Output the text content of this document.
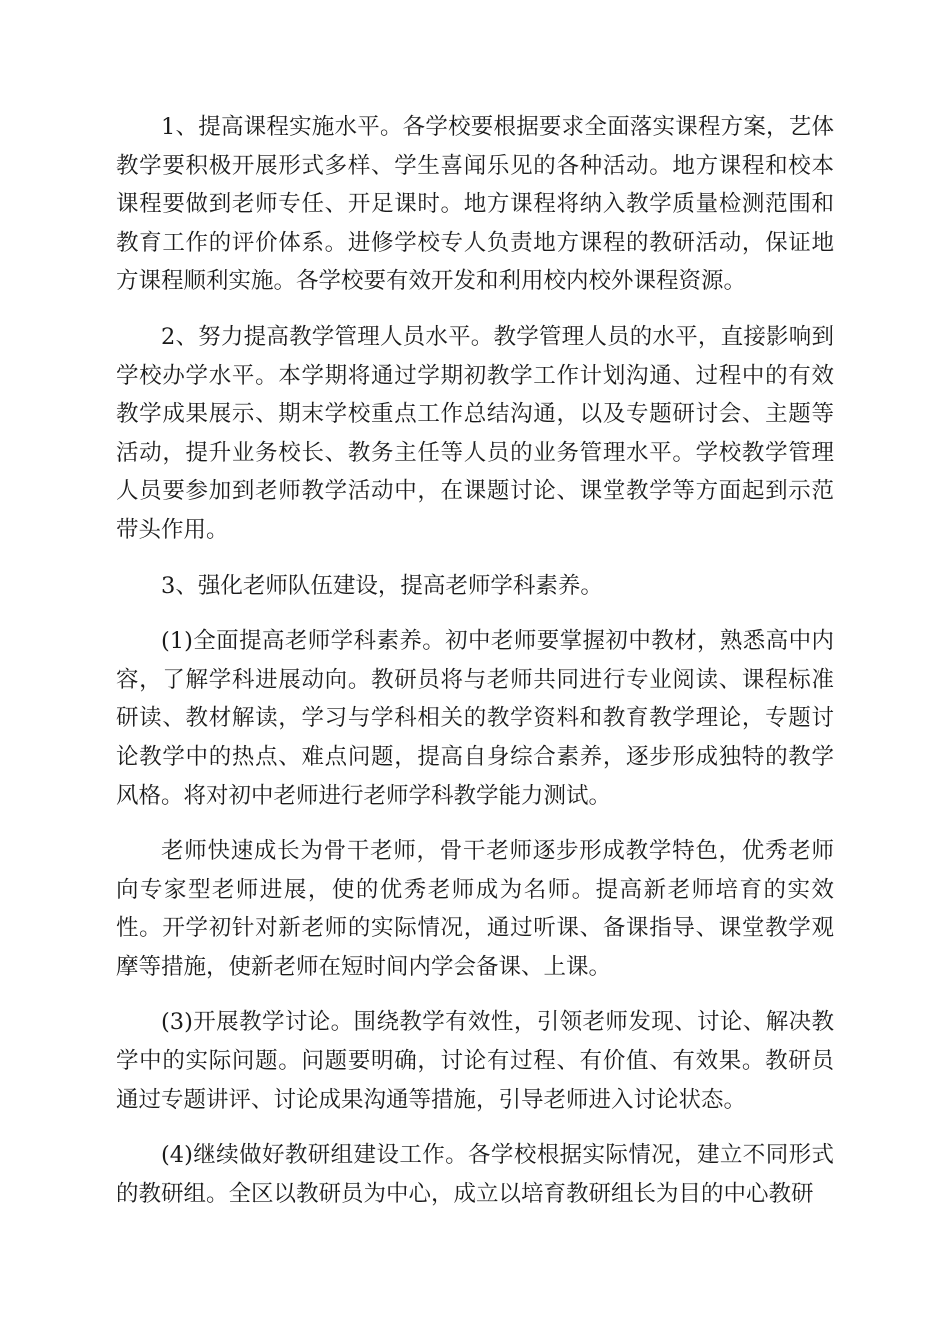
1、提高课程实施水平。各学校要根据要求全面落实课程方案，艺体教学要积极开展形式多样、学生喜闻乐见的各种活动。地方课程和校本课程要做到老师专任、开足课时。地方课程将纳入教学质量检测范围和教育工作的评价体系。进修学校专人负责地方课程的教研活动，保证地方课程顺利实施。各学校要有效开发和利用校内校外课程资源。

2、努力提高教学管理人员水平。教学管理人员的水平，直接影响到学校办学水平。本学期将通过学期初教学工作计划沟通、过程中的有效教学成果展示、期末学校重点工作总结沟通，以及专题研讨会、主题等活动，提升业务校长、教务主任等人员的业务管理水平。学校教学管理人员要参加到老师教学活动中，在课题讨论、课堂教学等方面起到示范带头作用。

3、强化老师队伍建设，提高老师学科素养。

(1)全面提高老师学科素养。初中老师要掌握初中教材，熟悉高中内容，了解学科进展动向。教研员将与老师共同进行专业阅读、课程标准研读、教材解读，学习与学科相关的教学资料和教育教学理论，专题讨论教学中的热点、难点问题，提高自身综合素养，逐步形成独特的教学风格。将对初中老师进行老师学科教学能力测试。

老师快速成长为骨干老师，骨干老师逐步形成教学特色，优秀老师向专家型老师进展，使的优秀老师成为名师。提高新老师培育的实效性。开学初针对新老师的实际情况，通过听课、备课指导、课堂教学观摩等措施，使新老师在短时间内学会备课、上课。

(3)开展教学讨论。围绕教学有效性，引领老师发现、讨论、解决教学中的实际问题。问题要明确，讨论有过程、有价值、有效果。教研员通过专题讲评、讨论成果沟通等措施，引导老师进入讨论状态。

(4)继续做好教研组建设工作。各学校根据实际情况，建立不同形式的教研组。全区以教研员为中心，成立以培育教研组长为目的中心教研
